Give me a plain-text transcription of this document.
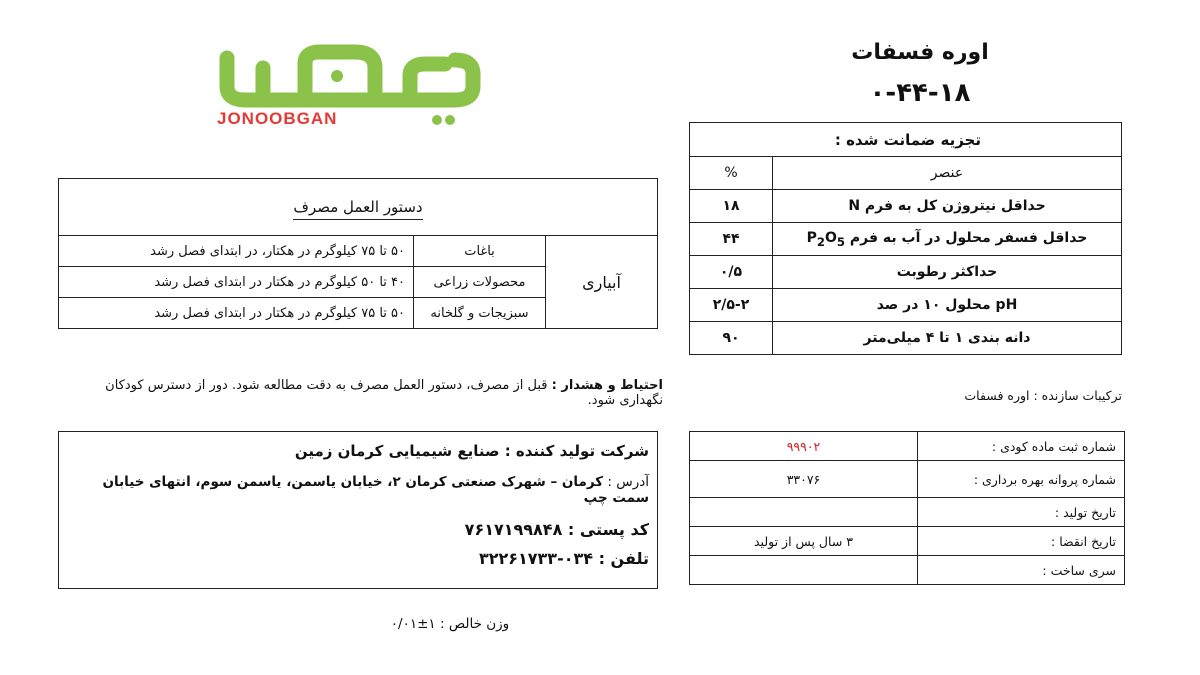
اوره فسفات
۰-۴۴-۱۸
JONOOBGAN
تجزیه ضمانت شده :	
عنصر	%
حداقل نیتروژن کل به فرم N	۱۸
حداقل فسفر محلول در آب به فرم $P_2O_5$	۴۴
حداکثر رطوبت	۰/۵
pH محلول ۱۰ در صد	۲/۵-۲
دانه بندی ۱ تا ۴ میلی‌متر	۹۰
ترکیبات سازنده : اوره فسفات
شماره ثبت ماده کودی :	۹۹۹۰۲
شماره پروانه بهره برداری :	۳۳۰۷۶
تاریخ تولید :	
تاریخ انقضا :	۳ سال پس از تولید
سری ساخت :	
دستور العمل مصرف		
آبیاری	باغات	۵۰ تا ۷۵ کیلوگرم در هکتار، در ابتدای فصل رشد
	محصولات زراعی	۴۰ تا ۵۰ کیلوگرم در هکتار در ابتدای فصل رشد
	سبزیجات و گلخانه	۵۰ تا ۷۵ کیلوگرم در هکتار در ابتدای فصل رشد
احتیاط و هشدار : قبل از مصرف، دستور العمل مصرف به دقت مطالعه شود. دور از دسترس کودکان نگهداری شود.
شرکت تولید کننده : صنایع شیمیایی کرمان زمین
آدرس : کرمان – شهرک صنعتی کرمان ۲، خیابان یاسمن، یاسمن سوم، انتهای خیابان سمت چپ
کد پستی : ۷۶۱۷۱۹۹۸۴۸
تلفن : ۰۳۴-۳۲۲۶۱۷۳۳
وزن خالص : ۱±۰/۰۱
